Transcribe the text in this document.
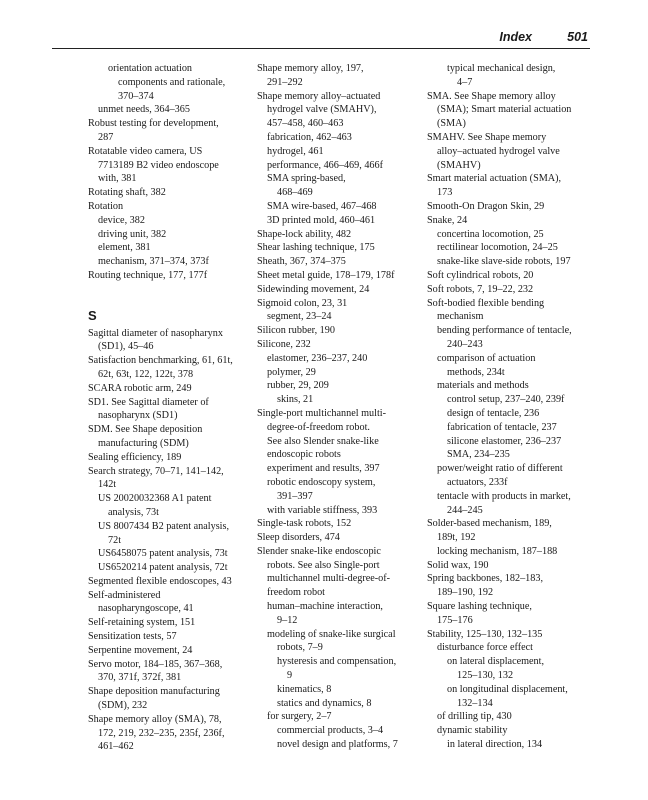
Index	501
orientation actuation
components and rationale,
370–374
unmet needs, 364–365
Robust testing for development,
287
Rotatable video camera, US
7713189 B2 video endoscope
with, 381
Rotating shaft, 382
Rotation
device, 382
driving unit, 382
element, 381
mechanism, 371–374, 373f
Routing technique, 177, 177f
S
Sagittal diameter of nasopharynx
(SD1), 45–46
Satisfaction benchmarking, 61, 61t,
62t, 63t, 122, 122t, 378
SCARA robotic arm, 249
SD1. See Sagittal diameter of
nasopharynx (SD1)
SDM. See Shape deposition
manufacturing (SDM)
Sealing efficiency, 189
Search strategy, 70–71, 141–142,
142t
US 20020032368 A1 patent
analysis, 73t
US 8007434 B2 patent analysis,
72t
US6458075 patent analysis, 73t
US6520214 patent analysis, 72t
Segmented flexible endoscopes, 43
Self-administered
nasopharyngoscope, 41
Self-retaining system, 151
Sensitization tests, 57
Serpentine movement, 24
Servo motor, 184–185, 367–368,
370, 371f, 372f, 381
Shape deposition manufacturing
(SDM), 232
Shape memory alloy (SMA), 78,
172, 219, 232–235, 235f, 236f,
461–462
Shape memory alloy, 197,
291–292
Shape memory alloy–actuated
hydrogel valve (SMAHV),
457–458, 460–463
fabrication, 462–463
hydrogel, 461
performance, 466–469, 466f
SMA spring-based,
468–469
SMA wire-based, 467–468
3D printed mold, 460–461
Shape-lock ability, 482
Shear lashing technique, 175
Sheath, 367, 374–375
Sheet metal guide, 178–179, 178f
Sidewinding movement, 24
Sigmoid colon, 23, 31
segment, 23–24
Silicon rubber, 190
Silicone, 232
elastomer, 236–237, 240
polymer, 29
rubber, 29, 209
skins, 21
Single-port multichannel multi-
degree-of-freedom robot.
See also Slender snake-like
endoscopic robots
experiment and results, 397
robotic endoscopy system,
391–397
with variable stiffness, 393
Single-task robots, 152
Sleep disorders, 474
Slender snake-like endoscopic
robots. See also Single-port
multichannel multi-degree-of-
freedom robot
human–machine interaction,
9–12
modeling of snake-like surgical
robots, 7–9
hysteresis and compensation,
9
kinematics, 8
statics and dynamics, 8
for surgery, 2–7
commercial products, 3–4
novel design and platforms, 7
typical mechanical design,
4–7
SMA. See Shape memory alloy
(SMA); Smart material actuation
(SMA)
SMAHV. See Shape memory
alloy–actuated hydrogel valve
(SMAHV)
Smart material actuation (SMA),
173
Smooth-On Dragon Skin, 29
Snake, 24
concertina locomotion, 25
rectilinear locomotion, 24–25
snake-like slave-side robots, 197
Soft cylindrical robots, 20
Soft robots, 7, 19–22, 232
Soft-bodied flexible bending
mechanism
bending performance of tentacle,
240–243
comparison of actuation
methods, 234t
materials and methods
control setup, 237–240, 239f
design of tentacle, 236
fabrication of tentacle, 237
silicone elastomer, 236–237
SMA, 234–235
power/weight ratio of different
actuators, 233f
tentacle with products in market,
244–245
Solder-based mechanism, 189,
189t, 192
locking mechanism, 187–188
Solid wax, 190
Spring backbones, 182–183,
189–190, 192
Square lashing technique,
175–176
Stability, 125–130, 132–135
disturbance force effect
on lateral displacement,
125–130, 132
on longitudinal displacement,
132–134
of drilling tip, 430
dynamic stability
in lateral direction, 134
